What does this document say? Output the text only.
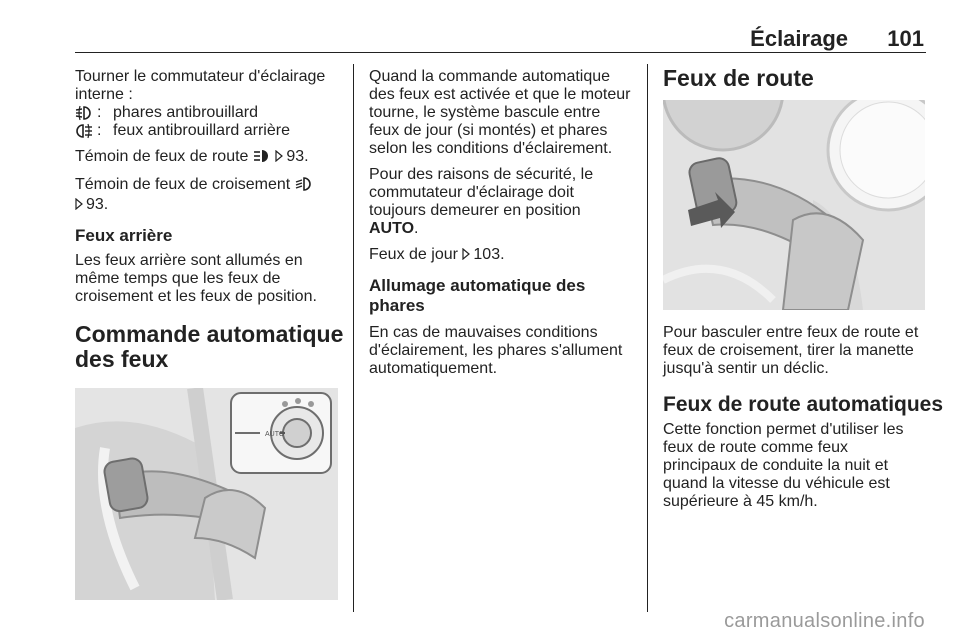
Éclairage	101

Tourner le commutateur d'éclairage interne :

: phares antibrouillard
: feux antibrouillard arrière

Témoin de feux de route 93.

Témoin de feux de croisement
93.

Feux arrière

Les feux arrière sont allumés en même temps que les feux de croisement et les feux de position.

Commande automatique
des feux

AUTO

Quand la commande automatique des feux est activée et que le moteur tourne, le système bascule entre feux de jour (si montés) et phares selon les conditions d'éclairement.

Pour des raisons de sécurité, le commutateur d'éclairage doit toujours demeurer en position AUTO.

Feux de jour 103.

Allumage automatique des phares

En cas de mauvaises conditions d'éclairement, les phares s'allument automatiquement.

Feux de route

Pour basculer entre feux de route et feux de croisement, tirer la manette jusqu'à sentir un déclic.

Feux de route automatiques

Cette fonction permet d'utiliser les feux de route comme feux principaux de conduite la nuit et quand la vitesse du véhicule est supérieure à 45 km/h.

carmanualsonline.info
